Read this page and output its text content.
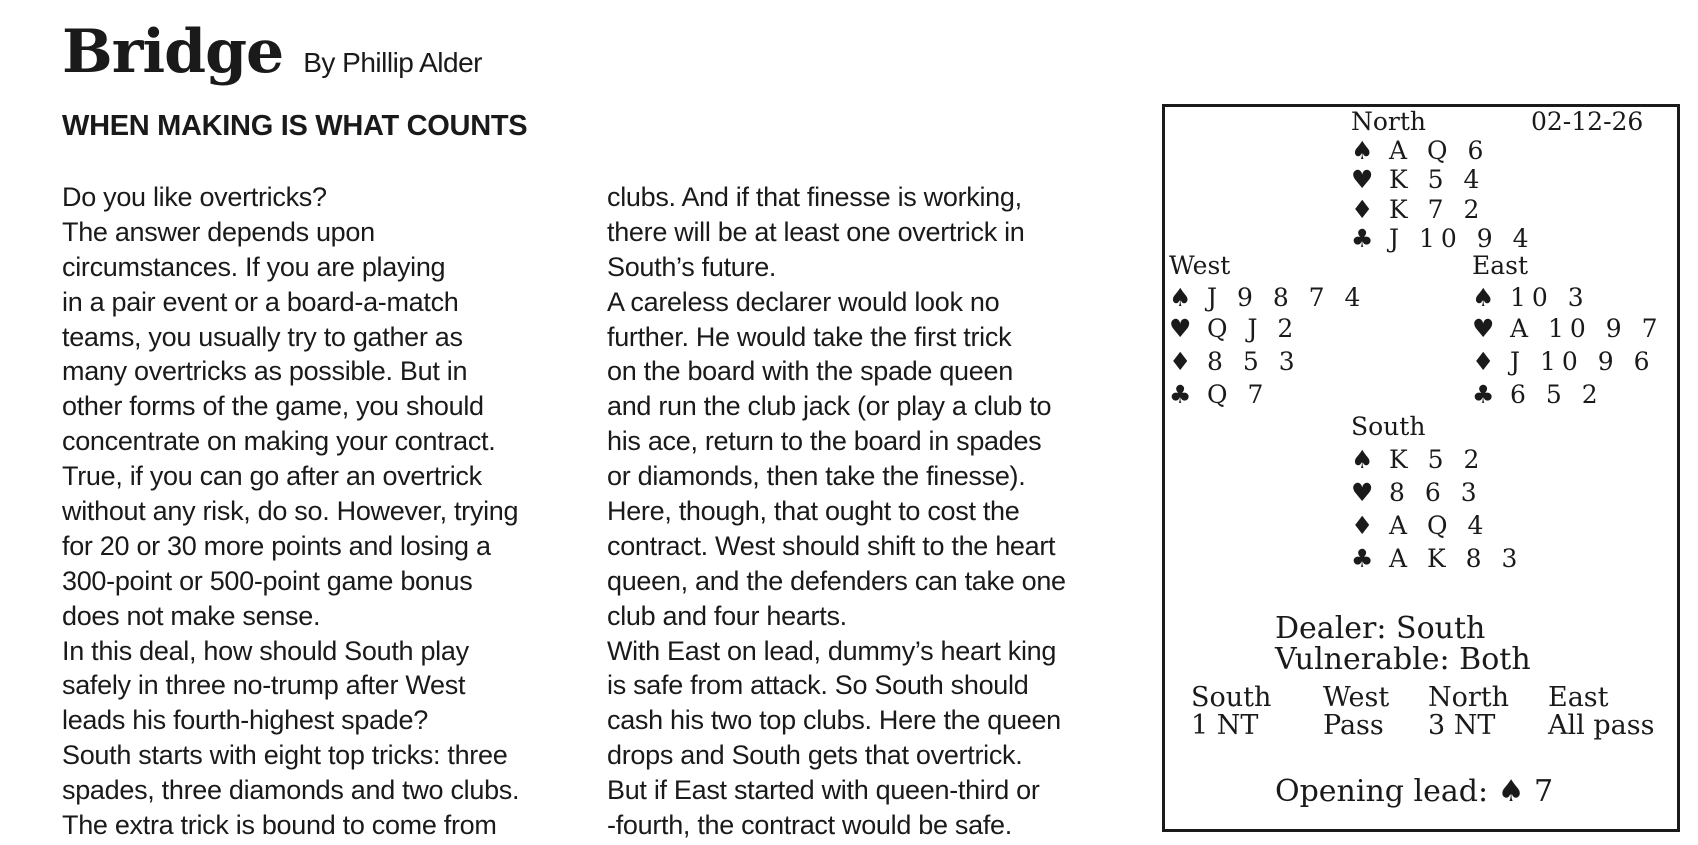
Bridge By Phillip Alder
WHEN MAKING IS WHAT COUNTS
Do you like overtricks?
The answer depends upon
circumstances. If you are playing
in a pair event or a board-a-match
teams, you usually try to gather as
many overtricks as possible. But in
other forms of the game, you should
concentrate on making your contract.
True, if you can go after an overtrick
without any risk, do so. However, trying
for 20 or 30 more points and losing a
300-point or 500-point game bonus
does not make sense.
In this deal, how should South play
safely in three no-trump after West
leads his fourth-highest spade?
South starts with eight top tricks: three
spades, three diamonds and two clubs.
The extra trick is bound to come from
clubs. And if that finesse is working,
there will be at least one overtrick in
South’s future.
A careless declarer would look no
further. He would take the first trick
on the board with the spade queen
and run the club jack (or play a club to
his ace, return to the board in spades
or diamonds, then take the finesse).
Here, though, that ought to cost the
contract. West should shift to the heart
queen, and the defenders can take one
club and four hearts.
With East on lead, dummy’s heart king
is safe from attack. So South should
cash his two top clubs. Here the queen
drops and South gets that overtrick.
But if East started with queen-third or
-fourth, the contract would be safe.
North	02-12-26
♠ A Q 6
♥ K 5 4
♦ K 7 2
♣ J 10 9 4
West
♠ J 9 8 7 4
♥ Q J 2
♦ 8 5 3
♣ Q 7
East
♠ 10 3
♥ A 10 9 7
♦ J 10 9 6
♣ 6 5 2
South
♠ K 5 2
♥ 8 6 3
♦ A Q 4
♣ A K 8 3
Dealer: South
Vulnerable: Both
South West North East
1 NT Pass 3 NT All pass
Opening lead: ♠ 7
